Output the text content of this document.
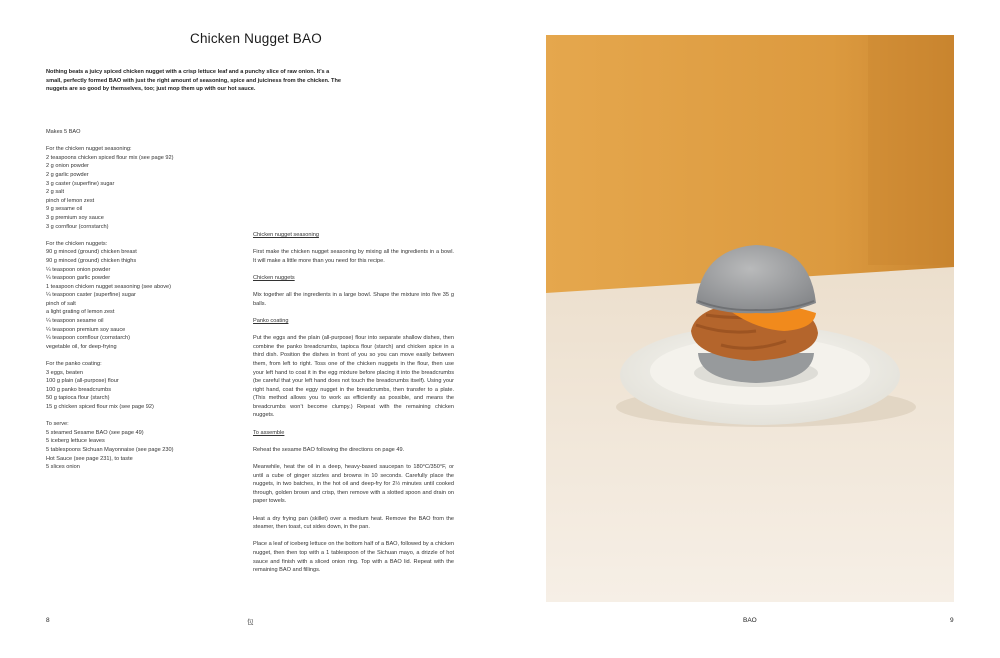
Chicken Nugget BAO

Nothing beats a juicy spiced chicken nugget with a crisp lettuce leaf and a punchy slice of raw onion. It’s a small, perfectly formed BAO with just the right amount of seasoning, spice and juiciness from the chicken. The nuggets are so good by themselves, too; just mop them up with our hot sauce.

Makes 5 BAO
For the chicken nugget seasoning:
2 teaspoons chicken spiced flour mix (see page 92)
2 g onion powder
2 g garlic powder
3 g caster (superfine) sugar
2 g salt
pinch of lemon zest
9 g sesame oil
3 g premium soy sauce
3 g cornflour (cornstarch)
For the chicken nuggets:
90 g minced (ground) chicken breast
90 g minced (ground) chicken thighs
¼ teaspoon onion powder
¼ teaspoon garlic powder
1 teaspoon chicken nugget seasoning (see above)
¼ teaspoon caster (superfine) sugar
pinch of salt
a light grating of lemon zest
¼ teaspoon sesame oil
¼ teaspoon premium soy sauce
¼ teaspoon cornflour (cornstarch)
vegetable oil, for deep-frying
For the panko coating:
3 eggs, beaten
100 g plain (all-purpose) flour
100 g panko breadcrumbs
50 g tapioca flour (starch)
15 g chicken spiced flour mix (see page 92)
To serve:
5 steamed Sesame BAO (see page 49)
5 iceberg lettuce leaves
5 tablespoons Sichuan Mayonnaise (see page 230)
Hot Sauce (see page 231), to taste
5 slices onion
Chicken nugget seasoning

First make the chicken nugget seasoning by mixing all the ingredients in a bowl. It will make a little more than you need for this recipe.

Chicken nuggets

Mix together all the ingredients in a large bowl. Shape the mixture into five 35 g balls.

Panko coating

Put the eggs and the plain (all-purpose) flour into separate shallow dishes, then combine the panko breadcrumbs, tapioca flour (starch) and chicken spice in a third dish. Position the dishes in front of you so you can move easily between them, from left to right. Toss one of the chicken nuggets in the flour, then use your left hand to coat it in the egg mixture before placing it into the breadcrumbs (be careful that your left hand does not touch the breadcrumbs itself). Using your right hand, coat the eggy nugget in the breadcrumbs, then transfer to a plate. (This method allows you to work as efficiently as possible, and means the breadcrumbs won’t become clumpy.) Repeat with the remaining chicken nuggets.

To assemble

Reheat the sesame BAO following the directions on page 49.

Meanwhile, heat the oil in a deep, heavy-based saucepan to 180°C/350°F, or until a cube of ginger sizzles and browns in 10 seconds. Carefully place the nuggets, in two batches, in the hot oil and deep-fry for 2½ minutes until cooked through, golden brown and crisp, then remove with a slotted spoon and drain on paper towels.

Heat a dry frying pan (skillet) over a medium heat. Remove the BAO from the steamer, then toast, cut sides down, in the pan.

Place a leaf of iceberg lettuce on the bottom half of a BAO, followed by a chicken nugget, then then top with a 1 tablespoon of the Sichuan mayo, a drizzle of hot sauce and finish with a sliced onion ring. Top with a BAO lid. Repeat with the remaining BAO and fillings.

8	包	BAO	9
